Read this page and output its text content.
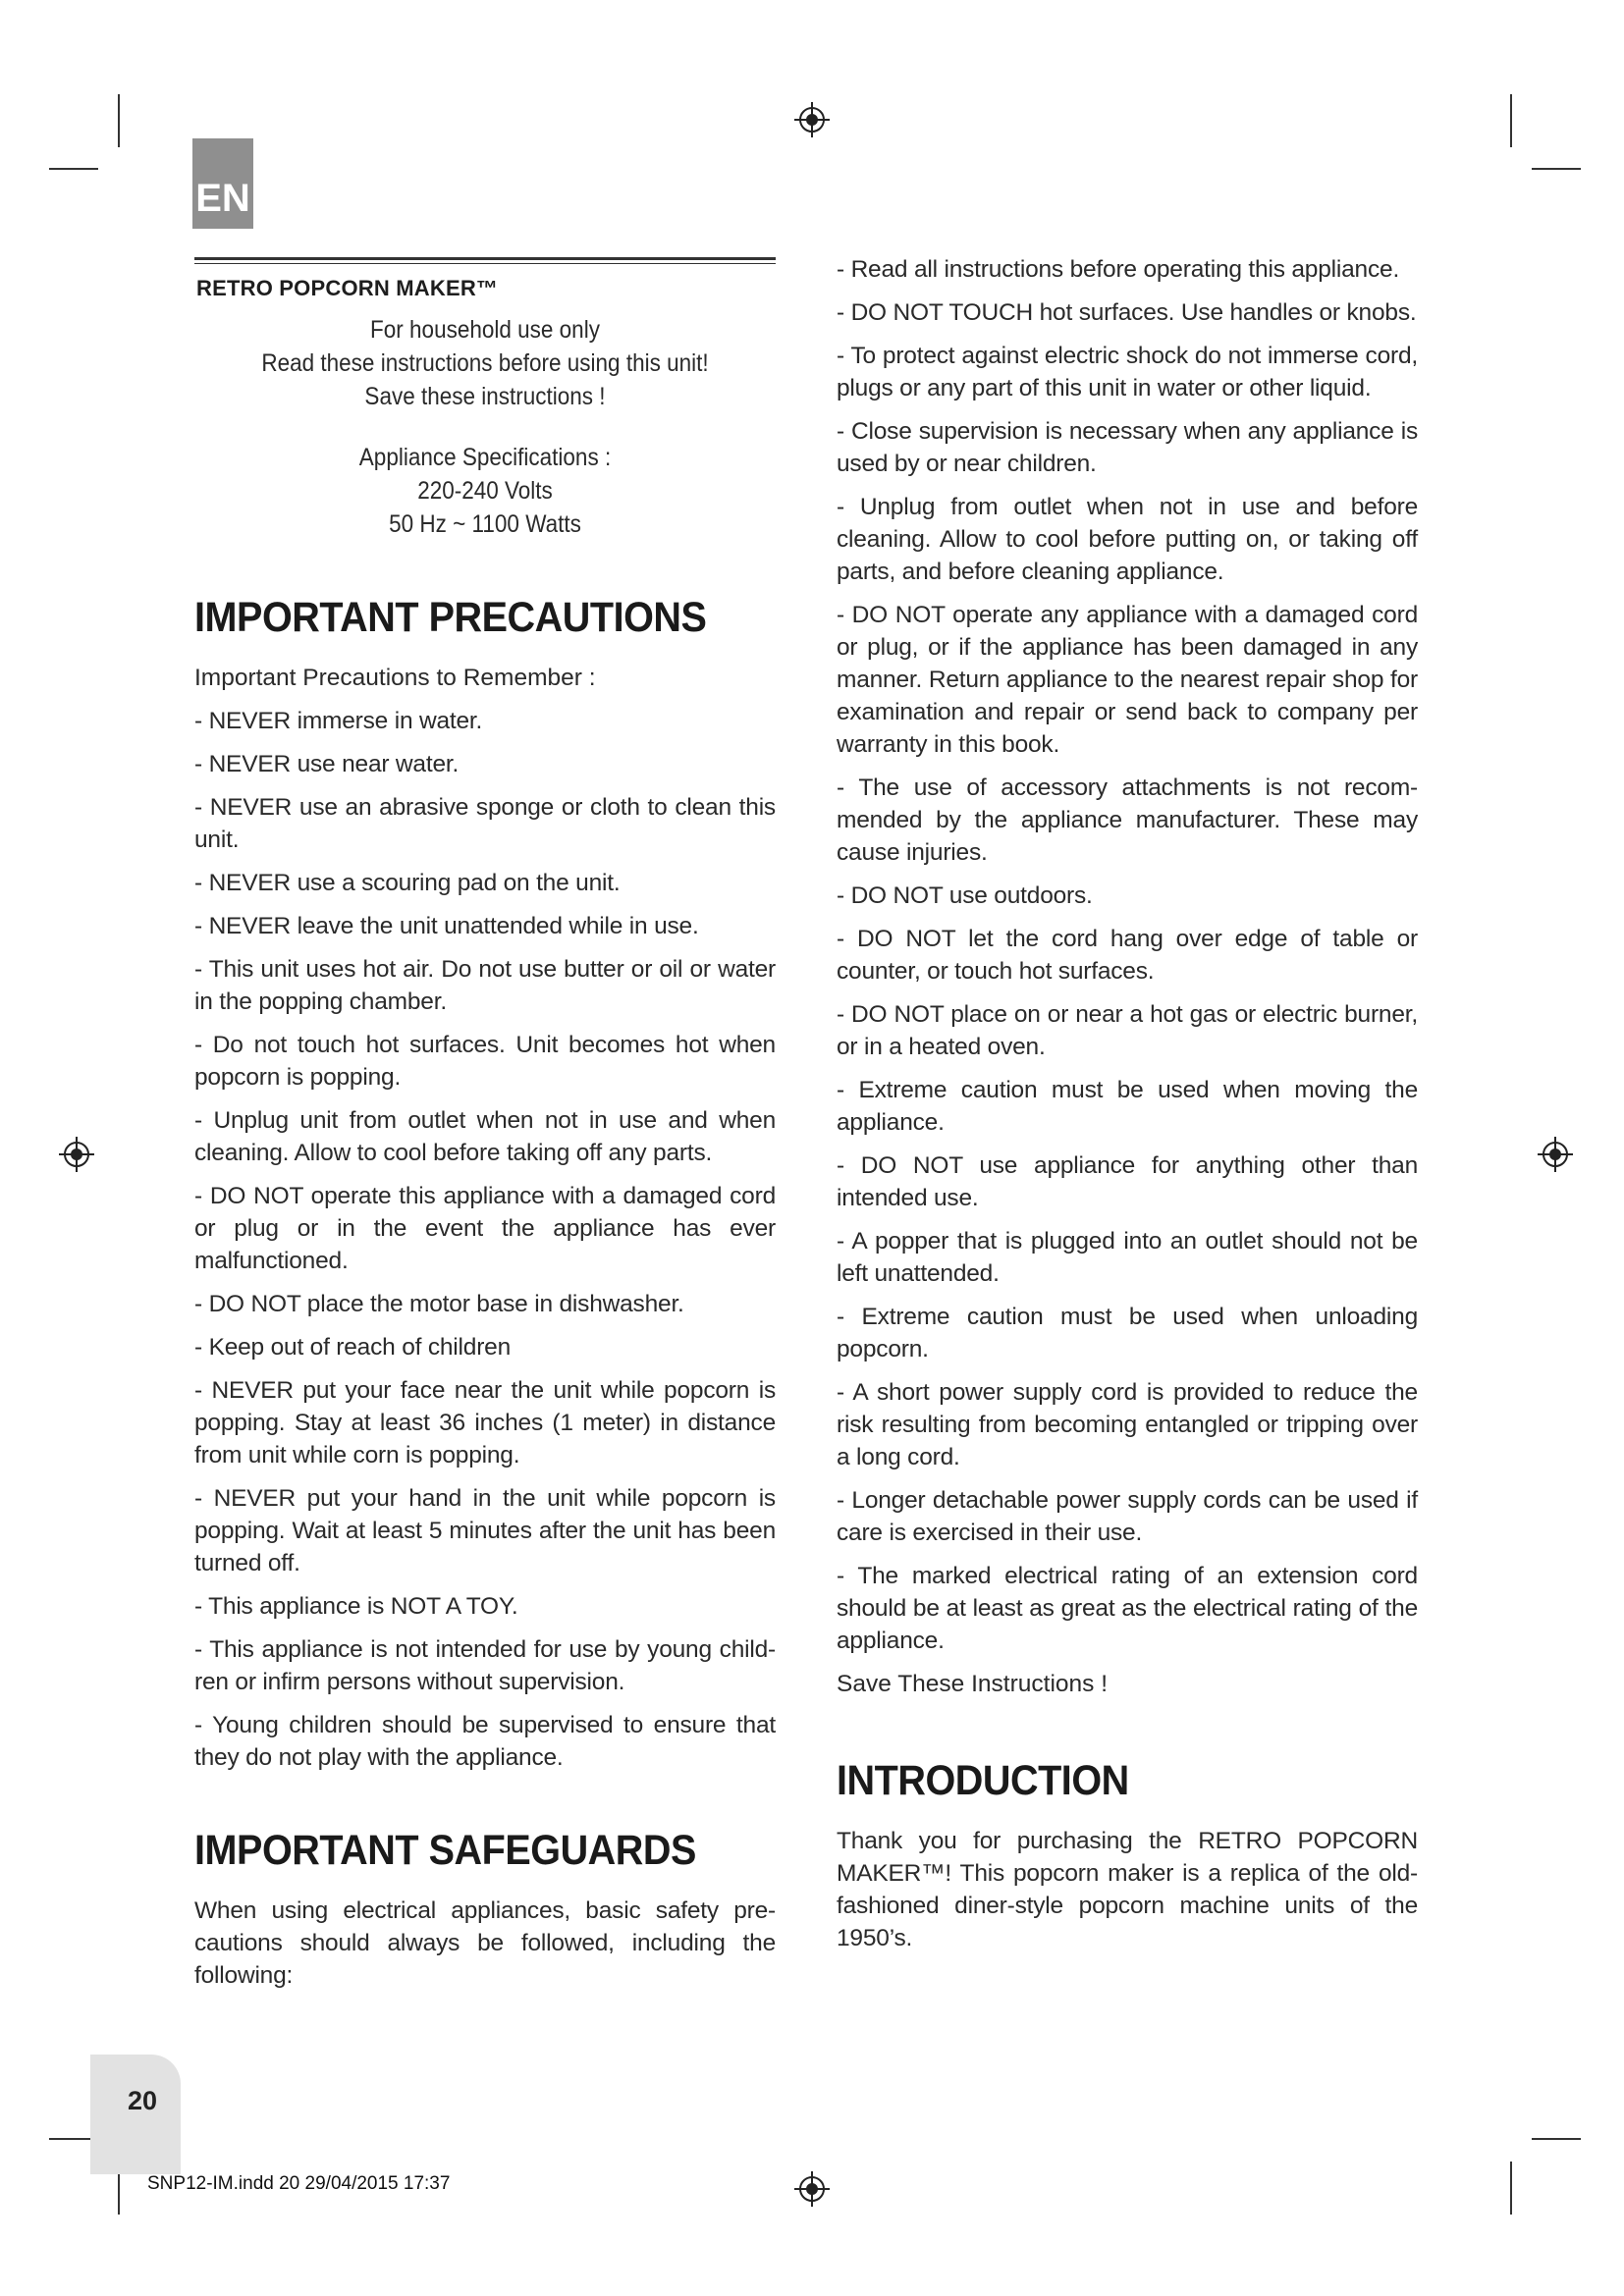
EN
RETRO POPCORN MAKER™
For household use only
Read these instructions before using this unit!
Save these instructions !
Appliance Specifications :
220-240 Volts
50 Hz ~ 1100 Watts
IMPORTANT PRECAUTIONS

Important Precautions to Remember :

- NEVER immerse in water.

- NEVER use near water.

- NEVER use an abrasive sponge or cloth to clean this unit.

- NEVER use a scouring pad on the unit.

- NEVER leave the unit unattended while in use.

- This unit uses hot air. Do not use butter or oil or water in the popping chamber.

- Do not touch hot surfaces. Unit becomes hot when popcorn is popping.

- Unplug unit from outlet when not in use and when cleaning. Allow to cool before taking off any parts.

- DO NOT operate this appliance with a damaged cord or plug or in the event the appliance has ever malfunctioned.

- DO NOT place the motor base in dishwasher.

- Keep out of reach of children

- NEVER put your face near the unit while popcorn is popping. Stay at least 36 inches (1 meter) in distance from unit while corn is popping.

- NEVER put your hand in the unit while popcorn is popping. Wait at least 5 minutes after the unit has been turned off.

- This appliance is NOT A TOY.

- This appliance is not intended for use by young child-ren or infirm persons without supervision.

- Young children should be supervised to ensure that they do not play with the appliance.

IMPORTANT SAFEGUARDS

When using electrical appliances, basic safety pre-cautions should always be followed, including the following:

- Read all instructions before operating this appliance.

- DO NOT TOUCH hot surfaces. Use handles or knobs.

- To protect against electric shock do not immerse cord, plugs or any part of this unit in water or other liquid.

- Close supervision is necessary when any appliance is used by or near children.

- Unplug from outlet when not in use and before cleaning. Allow to cool before putting on, or taking off parts, and before cleaning appliance.

- DO NOT operate any appliance with a damaged cord or plug, or if the appliance has been damaged in any manner. Return appliance to the nearest repair shop for examination and repair or send back to company per warranty in this book.

- The use of accessory attachments is not recom-mended by the appliance manufacturer. These may cause injuries.

- DO NOT use outdoors.

- DO NOT let the cord hang over edge of table or counter, or touch hot surfaces.

- DO NOT place on or near a hot gas or electric burner, or in a heated oven.

- Extreme caution must be used when moving the appliance.

- DO NOT use appliance for anything other than intended use.

- A popper that is plugged into an outlet should not be left unattended.

- Extreme caution must be used when unloading popcorn.

- A short power supply cord is provided to reduce the risk resulting from becoming entangled or tripping over a long cord.

- Longer detachable power supply cords can be used if care is exercised in their use.

- The marked electrical rating of an extension cord should be at least as great as the electrical rating of the appliance.

Save These Instructions !

INTRODUCTION

Thank you for purchasing the RETRO POPCORN MAKER™! This popcorn maker is a replica of the old-fashioned diner-style popcorn machine units of the 1950’s.

20
SNP12-IM.indd 20 29/04/2015 17:37
